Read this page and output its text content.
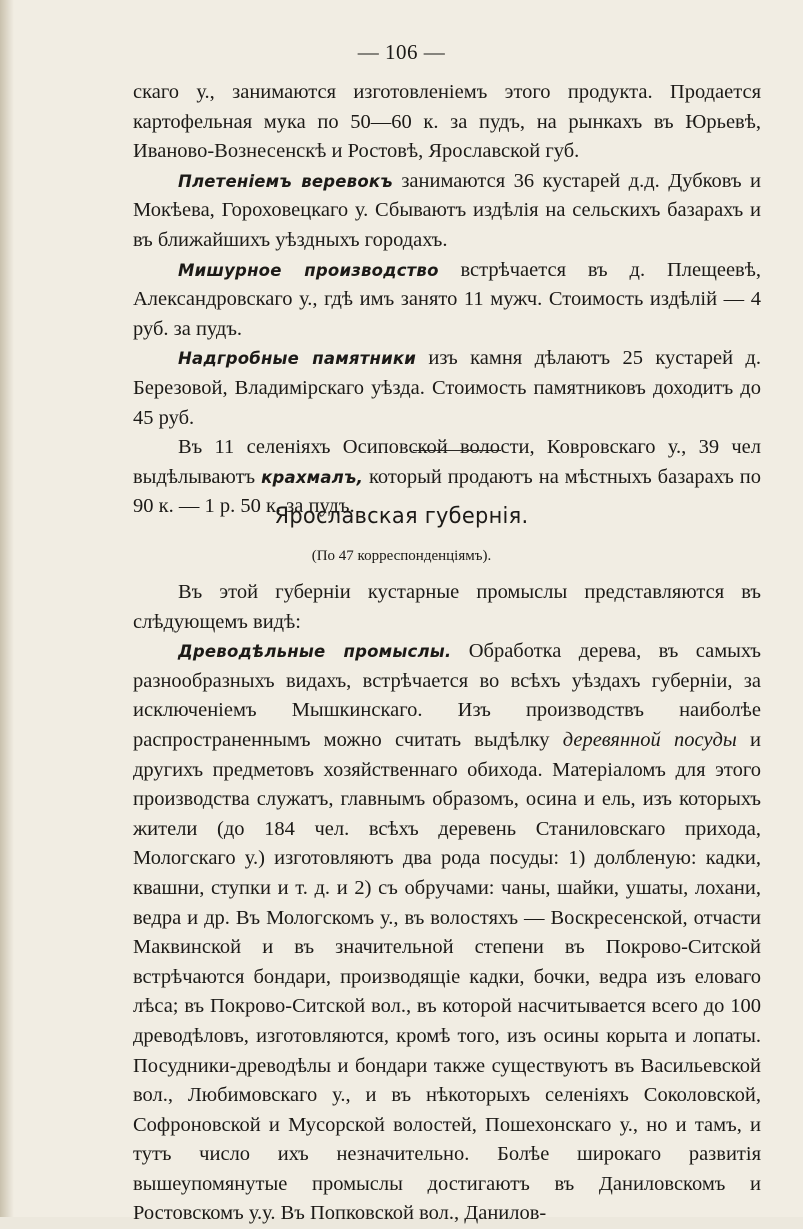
— 106 —

скаго у., занимаются изготовленіемъ этого продукта. Продается картофельная мука по 50—60 к. за пудъ, на рынкахъ въ Юрьевѣ, Иваново-Вознесенскѣ и Ростовѣ, Ярославской губ.

Плетеніемъ веревокъ занимаются 36 кустарей д.д. Дубковъ и Мокѣева, Гороховецкаго у. Сбываютъ издѣлія на сельскихъ базарахъ и въ ближайшихъ уѣздныхъ городахъ.

Мишурное производство встрѣчается въ д. Плещеевѣ, Александровскаго у., гдѣ имъ занято 11 мужч. Стоимость издѣлій — 4 руб. за пудъ.

Надгробные памятники изъ камня дѣлаютъ 25 кустарей д. Березовой, Владимірскаго уѣзда. Стоимость памятниковъ доходитъ до 45 руб.

Въ 11 селеніяхъ Осиповской волости, Ковровскаго у., 39 чел выдѣлываютъ крахмалъ, который продаютъ на мѣстныхъ базарахъ по 90 к. — 1 р. 50 к. за пудъ.

Ярославская губернія.
(По 47 корреспонденціямъ).

Въ этой губерніи кустарные промыслы представляются въ слѣдующемъ видѣ:

Древодѣльные промыслы. Обработка дерева, въ самыхъ разнообразныхъ видахъ, встрѣчается во всѣхъ уѣздахъ губерніи, за исключеніемъ Мышкинскаго. Изъ производствъ наиболѣе распространеннымъ можно считать выдѣлку деревянной посуды и другихъ предметовъ хозяйственнаго обихода. Матеріаломъ для этого производства служатъ, главнымъ образомъ, осина и ель, изъ которыхъ жители (до 184 чел. всѣхъ деревень Станиловскаго прихода, Мологскаго у.) изготовляютъ два рода посуды: 1) долбленую: кадки, квашни, ступки и т. д. и 2) съ обручами: чаны, шайки, ушаты, лохани, ведра и др. Въ Мологскомъ у., въ волостяхъ — Воскресенской, отчасти Маквинской и въ значительной степени въ Покрово-Ситской встрѣчаются бондари, производящіе кадки, бочки, ведра изъ еловаго лѣса; въ Покрово-Ситской вол., въ которой насчитывается всего до 100 древодѣловъ, изготовляются, кромѣ того, изъ осины корыта и лопаты. Посудники-древодѣлы и бондари также существуютъ въ Васильевской вол., Любимовскаго у., и въ нѣкоторыхъ селеніяхъ Соколовской, Софроновской и Мусорской волостей, Пошехонскаго у., но и тамъ, и тутъ число ихъ незначительно. Болѣе широкаго развитія вышеупомянутые промыслы достигаютъ въ Даниловскомъ и Ростовскомъ у.у. Въ Попковской вол., Данилов-
